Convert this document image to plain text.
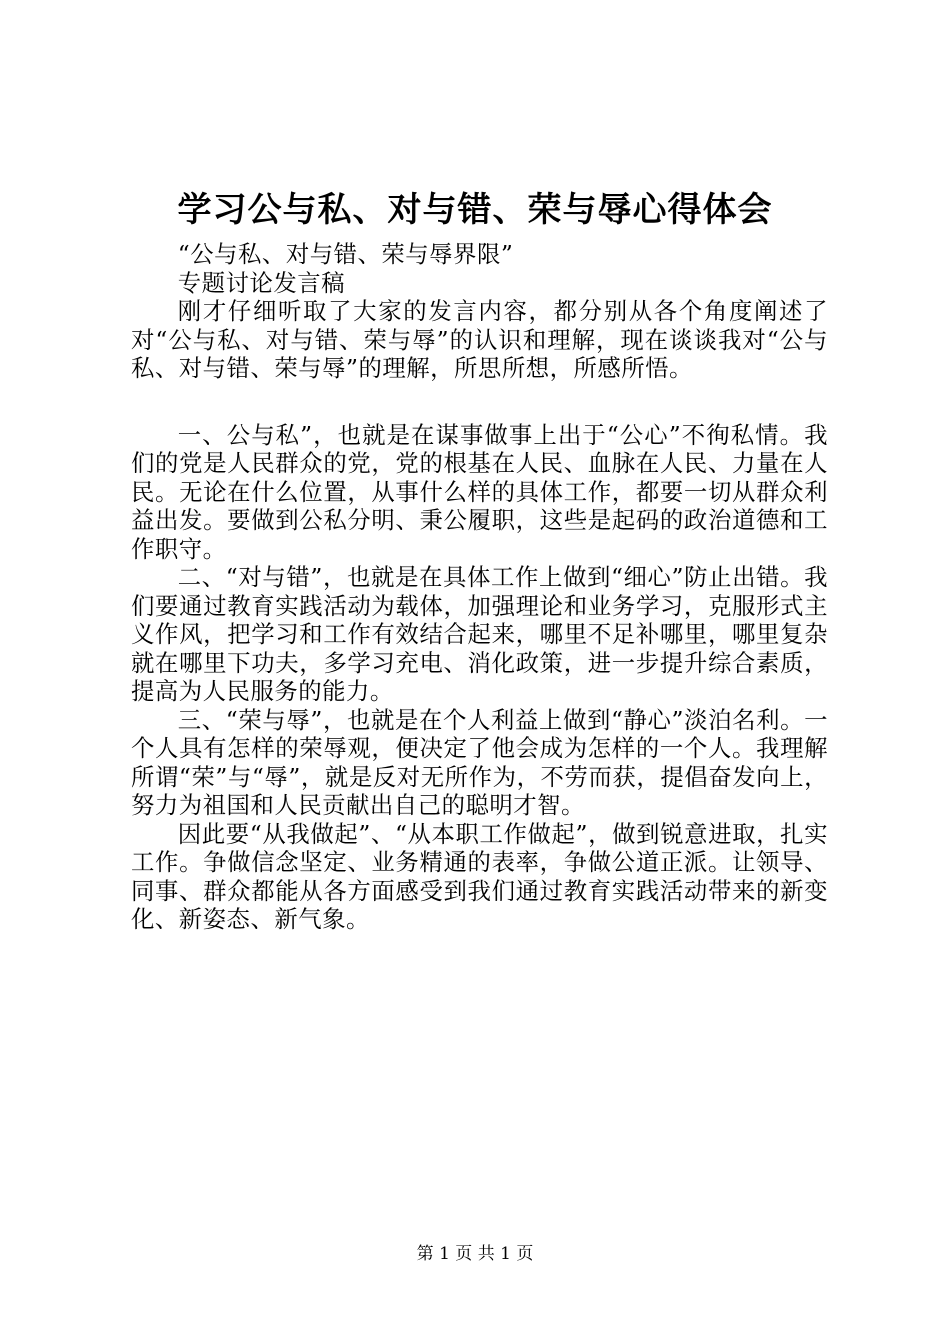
学习公与私、对与错、荣与辱心得体会

“公与私、对与错、荣与辱界限”

专题讨论发言稿

刚才仔细听取了大家的发言内容，都分别从各个角度阐述了对“公与私、对与错、荣与辱”的认识和理解，现在谈谈我对“公与私、对与错、荣与辱”的理解，所思所想，所感所悟。

一、公与私”，也就是在谋事做事上出于“公心”不徇私情。我们的党是人民群众的党，党的根基在人民、血脉在人民、力量在人民。无论在什么位置，从事什么样的具体工作，都要一切从群众利益出发。要做到公私分明、秉公履职，这些是起码的政治道德和工作职守。

二、“对与错”，也就是在具体工作上做到“细心”防止出错。我们要通过教育实践活动为载体，加强理论和业务学习，克服形式主义作风，把学习和工作有效结合起来，哪里不足补哪里，哪里复杂就在哪里下功夫，多学习充电、消化政策，进一步提升综合素质，提高为人民服务的能力。

三、“荣与辱”，也就是在个人利益上做到“静心”淡泊名利。一个人具有怎样的荣辱观，便决定了他会成为怎样的一个人。我理解所谓“荣”与“辱”，就是反对无所作为，不劳而获，提倡奋发向上，努力为祖国和人民贡献出自己的聪明才智。

因此要“从我做起”、“从本职工作做起”，做到锐意进取，扎实工作。争做信念坚定、业务精通的表率，争做公道正派。让领导、同事、群众都能从各方面感受到我们通过教育实践活动带来的新变化、新姿态、新气象。

第 1 页 共 1 页
